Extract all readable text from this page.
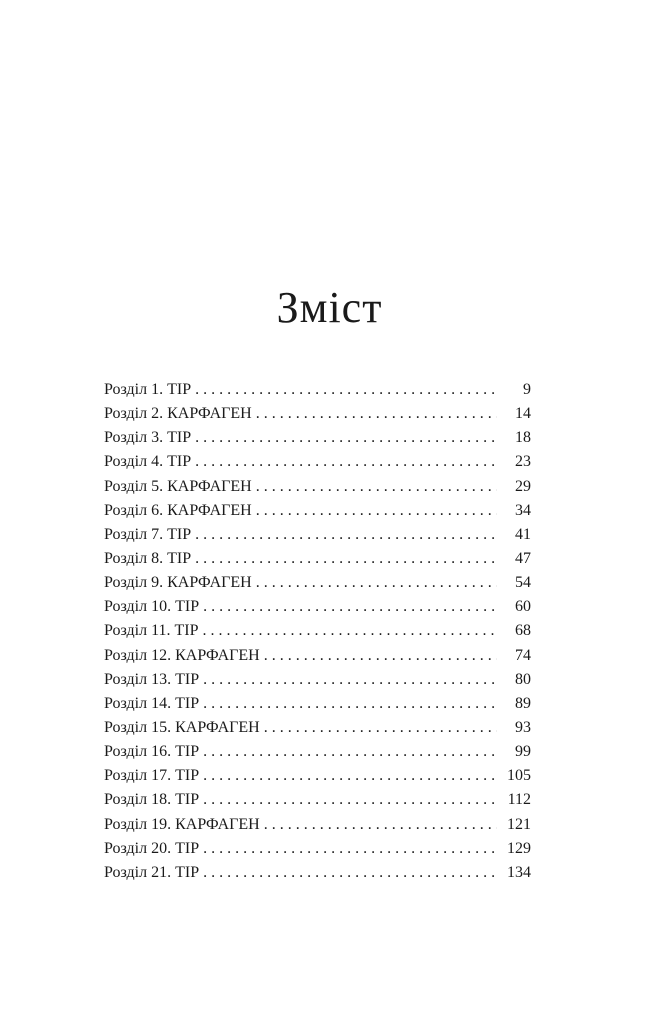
Зміст
Розділ 1. ТІР . . .	9
Розділ 2. КАРФАГЕН . . .	14
Розділ 3. ТІР . . .	18
Розділ 4. ТІР . . .	23
Розділ 5. КАРФАГЕН . . .	29
Розділ 6. КАРФАГЕН . . .	34
Розділ 7. ТІР . . .	41
Розділ 8. ТІР . . .	47
Розділ 9. КАРФАГЕН . . .	54
Розділ 10. ТІР . . .	60
Розділ 11. ТІР . . .	68
Розділ 12. КАРФАГЕН . . .	74
Розділ 13. ТІР . . .	80
Розділ 14. ТІР . . .	89
Розділ 15. КАРФАГЕН . . .	93
Розділ 16. ТІР . . .	99
Розділ 17. ТІР . . .	105
Розділ 18. ТІР . . .	112
Розділ 19. КАРФАГЕН . . .	121
Розділ 20. ТІР . . .	129
Розділ 21. ТІР . . .	134
